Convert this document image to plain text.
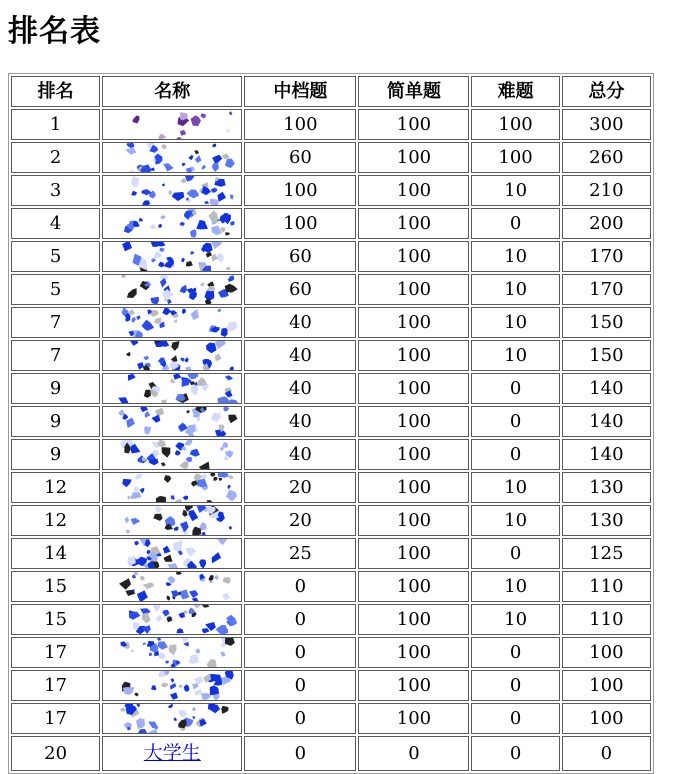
排名表
排名	名称	中档题	简单题	难题	总分
1		100	100	100	300
2		60	100	100	260
3		100	100	10	210
4		100	100	0	200
5		60	100	10	170
5		60	100	10	170
7		40	100	10	150
7		40	100	10	150
9		40	100	0	140
9		40	100	0	140
9		40	100	0	140
12		20	100	10	130
12		20	100	10	130
14		25	100	0	125
15		0	100	10	110
15		0	100	10	110
17		0	100	0	100
17		0	100	0	100
17		0	100	0	100
20	大学生	0	0	0	0
